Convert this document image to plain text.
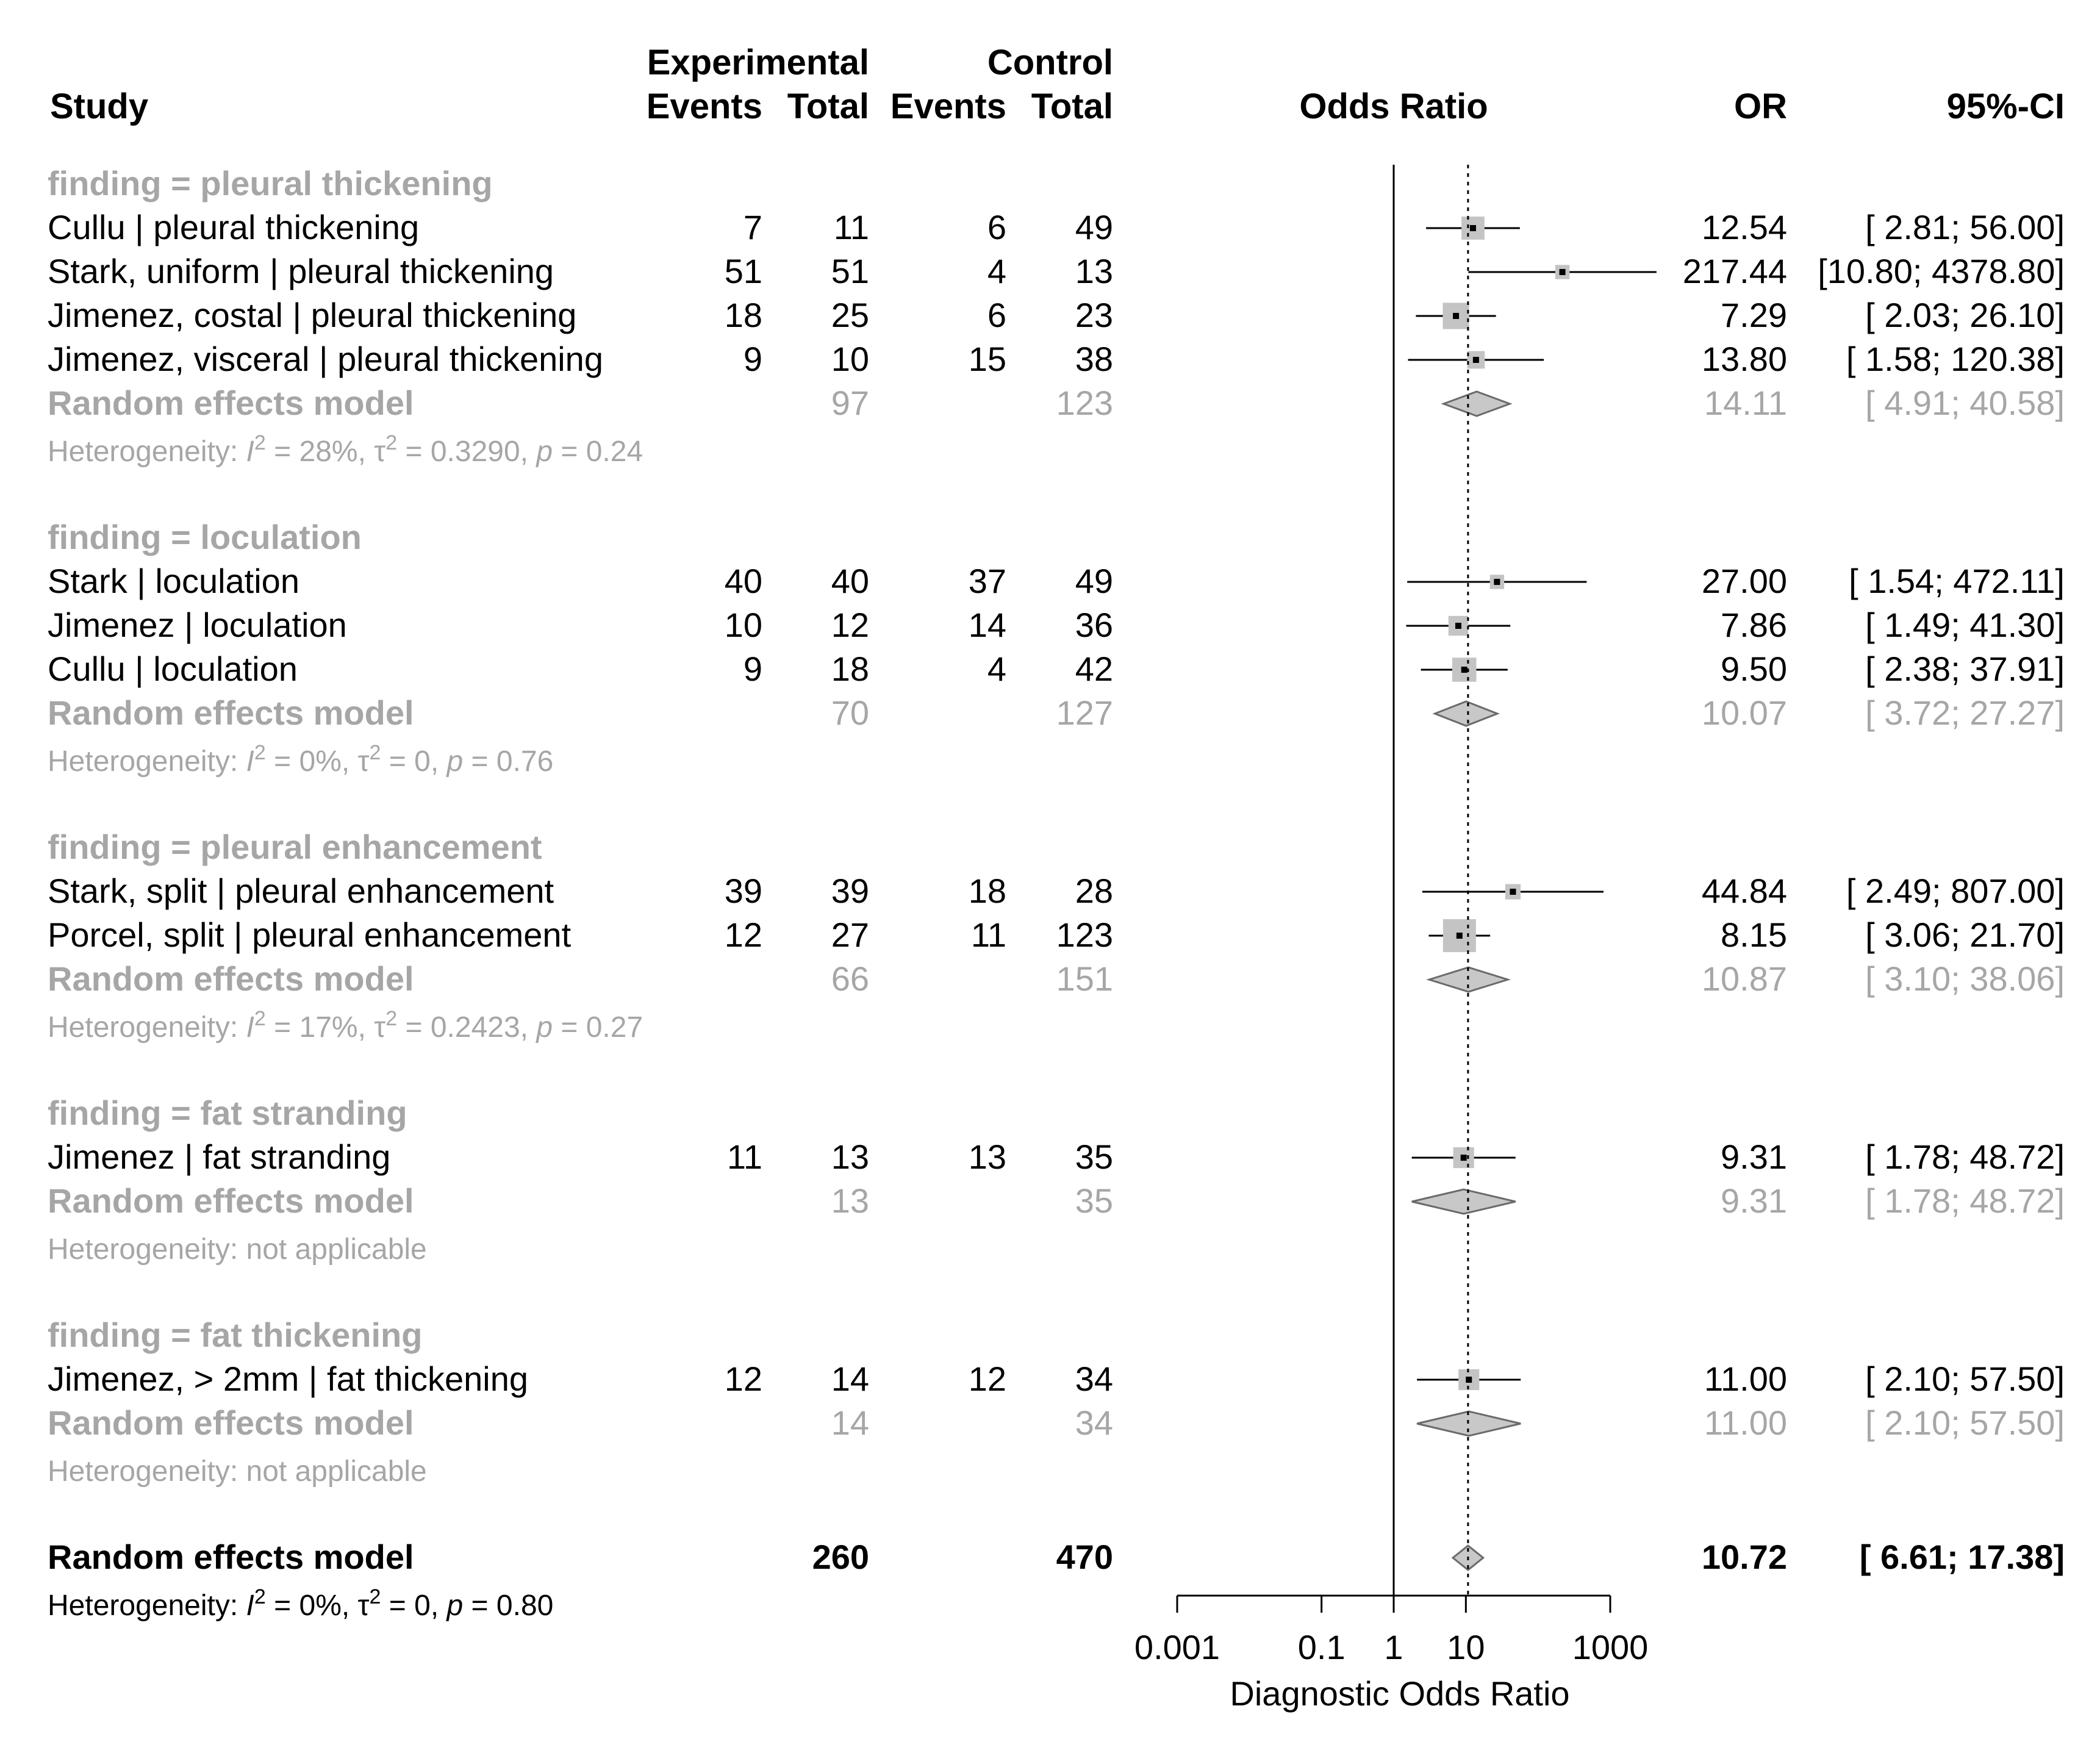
Experimental	Control
Study	Events Total Events Total	Odds Ratio	OR	95%-CI
finding = pleural thickening
Cullu | pleural thickening	7 11	6 49	12.54 [ 2.81; 56.00]
Stark, uniform | pleural thickening	51 51	4 13	217.44 [10.80; 4378.80]
Jimenez, costal | pleural thickening	18 25	6 23	7.29 [ 2.03; 26.10]
Jimenez, visceral | pleural thickening	9 10	15 38	13.80 [ 1.58; 120.38]
Random effects model	97	123	14.11 [ 4.91; 40.58]
Heterogeneity: $I^2 = 28\%$, $\tau^2 = 0.3290$, p = 0.24
finding = loculation
Stark | loculation	40 40	37 49	27.00 [ 1.54; 472.11]
Jimenez | loculation	10 12	14 36	7.86 [ 1.49; 41.30]
Cullu | loculation	9 18	4 42	9.50 [ 2.38; 37.91]
Random effects model	70	127	10.07 [ 3.72; 27.27]
Heterogeneity: $I^2 = 0\%$, $\tau^2 = 0$, p = 0.76
finding = pleural enhancement
Stark, split | pleural enhancement	39 39	18 28	44.84 [ 2.49; 807.00]
Porcel, split | pleural enhancement	12 27	11 123	8.15 [ 3.06; 21.70]
Random effects model	66	151	10.87 [ 3.10; 38.06]
Heterogeneity: $I^2 = 17\%$, $\tau^2 = 0.2423$, p = 0.27
finding = fat stranding
Jimenez | fat stranding	11 13	13 35	9.31 [ 1.78; 48.72]
Random effects model	13	35	9.31 [ 1.78; 48.72]
Heterogeneity: not applicable
finding = fat thickening
Jimenez, > 2mm | fat thickening	12 14	12 34	11.00 [ 2.10; 57.50]
Random effects model	14	34	11.00 [ 2.10; 57.50]
Heterogeneity: not applicable
Random effects model	260	470	10.72 [ 6.61; 17.38]
Heterogeneity: $I^2 = 0\%$, $\tau^2 = 0$, p = 0.80
0.001 0.1 1 10	1000
Diagnostic Odds Ratio
